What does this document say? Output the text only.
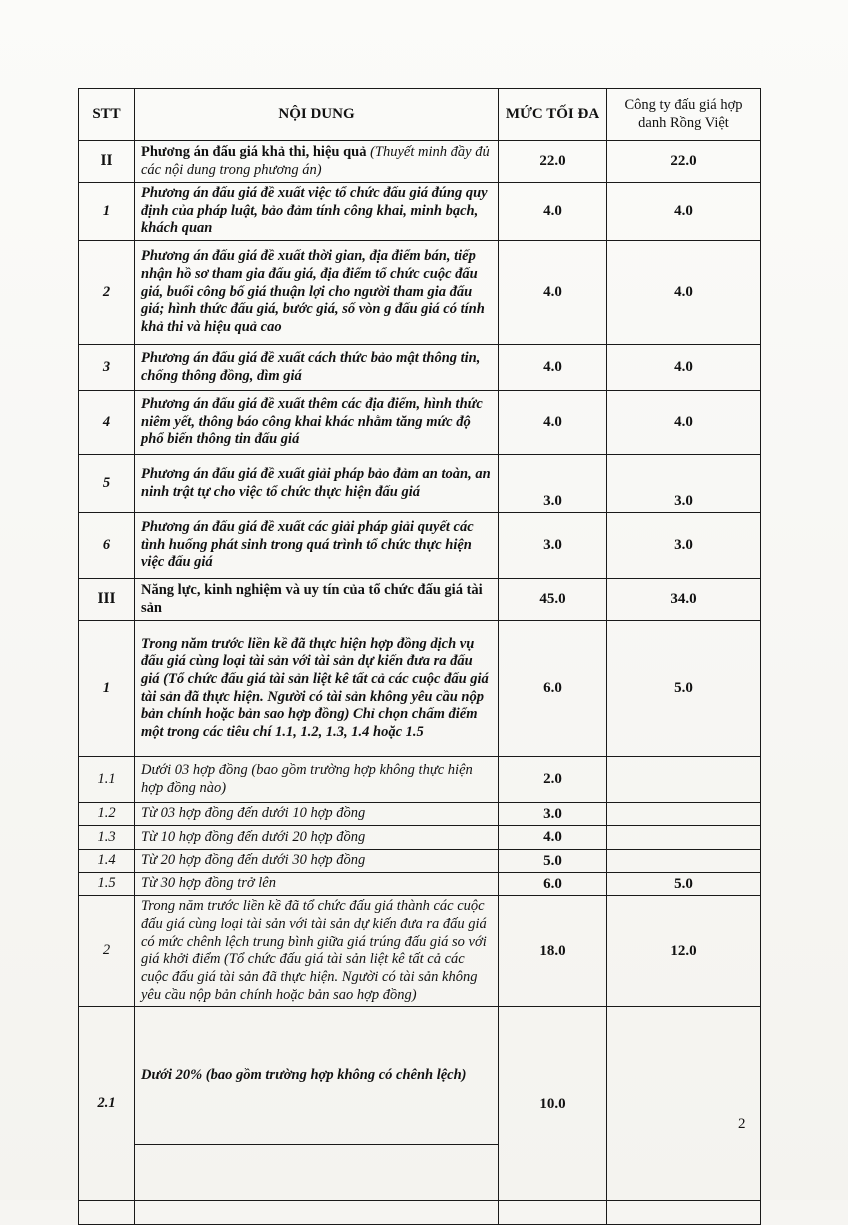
STT	NỘI DUNG	MỨC TỐI ĐA	Công ty đấu giá hợp danh Rồng Việt
II	Phương án đấu giá khả thi, hiệu quả (Thuyết minh đầy đủ các nội dung trong phương án)	22.0	22.0
1	Phương án đấu giá đề xuất việc tổ chức đấu giá đúng quy định của pháp luật, bảo đảm tính công khai, minh bạch, khách quan	4.0	4.0
2	Phương án đấu giá đề xuất thời gian, địa điểm bán, tiếp nhận hồ sơ tham gia đấu giá, địa điểm tổ chức cuộc đấu giá, buổi công bố giá thuận lợi cho người tham gia đấu giá; hình thức đấu giá, bước giá, số vòn g đấu giá có tính khả thi và hiệu quả cao	4.0	4.0
3	Phương án đấu giá đề xuất cách thức bảo mật thông tin, chống thông đồng, dìm giá	4.0	4.0
4	Phương án đấu giá đề xuất thêm các địa điểm, hình thức niêm yết, thông báo công khai khác nhằm tăng mức độ phổ biến thông tin đấu giá	4.0	4.0
5	Phương án đấu giá đề xuất giải pháp bảo đảm an toàn, an ninh trật tự cho việc tổ chức thực hiện đấu giá	3.0	3.0
6	Phương án đấu giá đề xuất các giải pháp giải quyết các tình huống phát sinh trong quá trình tổ chức thực hiện việc đấu giá	3.0	3.0
III	Năng lực, kinh nghiệm và uy tín của tổ chức đấu giá tài sản	45.0	34.0
1	Trong năm trước liền kề đã thực hiện hợp đồng dịch vụ đấu giá cùng loại tài sản với tài sản dự kiến đưa ra đấu giá (Tổ chức đấu giá tài sản liệt kê tất cả các cuộc đấu giá tài sản đã thực hiện. Người có tài sản không yêu cầu nộp bản chính hoặc bản sao hợp đồng) Chỉ chọn chấm điểm một trong các tiêu chí 1.1, 1.2, 1.3, 1.4 hoặc 1.5	6.0	5.0
1.1	Dưới 03 hợp đồng (bao gồm trường hợp không thực hiện hợp đồng nào)	2.0	
1.2	Từ 03 hợp đồng đến dưới 10 hợp đồng	3.0	
1.3	Từ 10 hợp đồng đến dưới 20 hợp đồng	4.0	
1.4	Từ 20 hợp đồng đến dưới 30 hợp đồng	5.0	
1.5	Từ 30 hợp đồng trở lên	6.0	5.0
2	Trong năm trước liền kề đã tổ chức đấu giá thành các cuộc đấu giá cùng loại tài sản với tài sản dự kiến đưa ra đấu giá có mức chênh lệch trung bình giữa giá trúng đấu giá so với giá khởi điểm (Tổ chức đấu giá tài sản liệt kê tất cả các cuộc đấu giá tài sản đã thực hiện. Người có tài sản không yêu cầu nộp bản chính hoặc bản sao hợp đồng)	18.0	12.0
2.1	Dưới 20% (bao gồm trường hợp không có chênh lệch)	10.0	

2
